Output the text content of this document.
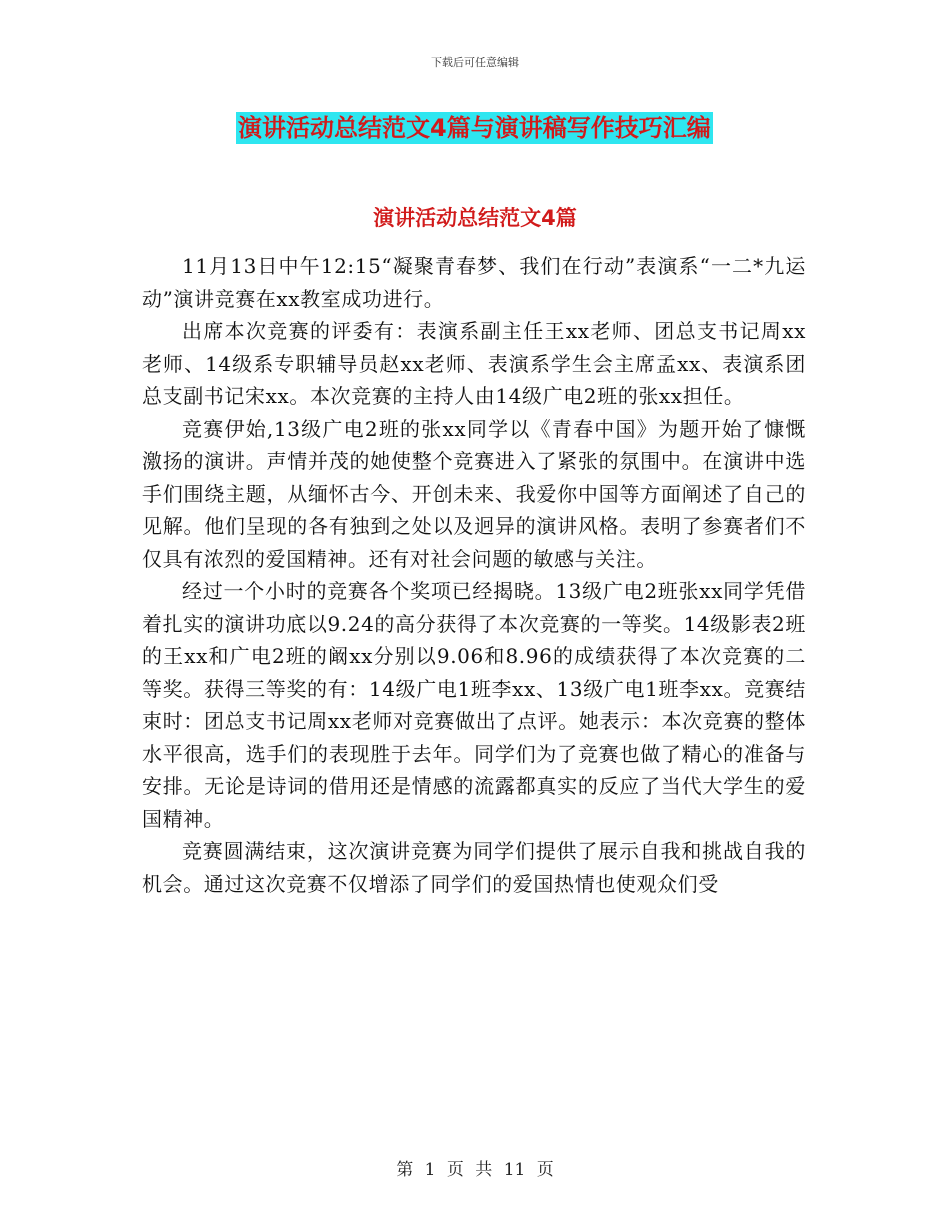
下载后可任意编辑
演讲活动总结范文4篇与演讲稿写作技巧汇编
演讲活动总结范文4篇

11月13日中午12:15“凝聚青春梦、我们在行动”表演系“一二*九运动”演讲竞赛在xx教室成功进行。

出席本次竞赛的评委有：表演系副主任王xx老师、团总支书记周xx老师、14级系专职辅导员赵xx老师、表演系学生会主席孟xx、表演系团总支副书记宋xx。本次竞赛的主持人由14级广电2班的张xx担任。

竞赛伊始,13级广电2班的张xx同学以《青春中国》为题开始了慷慨激扬的演讲。声情并茂的她使整个竞赛进入了紧张的氛围中。在演讲中选手们围绕主题，从缅怀古今、开创未来、我爱你中国等方面阐述了自己的见解。他们呈现的各有独到之处以及迥异的演讲风格。表明了参赛者们不仅具有浓烈的爱国精神。还有对社会问题的敏感与关注。

经过一个小时的竞赛各个奖项已经揭晓。13级广电2班张xx同学凭借着扎实的演讲功底以9.24的高分获得了本次竞赛的一等奖。14级影表2班的王xx和广电2班的阚xx分别以9.06和8.96的成绩获得了本次竞赛的二等奖。获得三等奖的有：14级广电1班李xx、13级广电1班李xx。竞赛结束时：团总支书记周xx老师对竞赛做出了点评。她表示：本次竞赛的整体水平很高，选手们的表现胜于去年。同学们为了竞赛也做了精心的准备与安排。无论是诗词的借用还是情感的流露都真实的反应了当代大学生的爱国精神。

竞赛圆满结束，这次演讲竞赛为同学们提供了展示自我和挑战自我的机会。通过这次竞赛不仅增添了同学们的爱国热情也使观众们受

第 1 页 共 11 页
